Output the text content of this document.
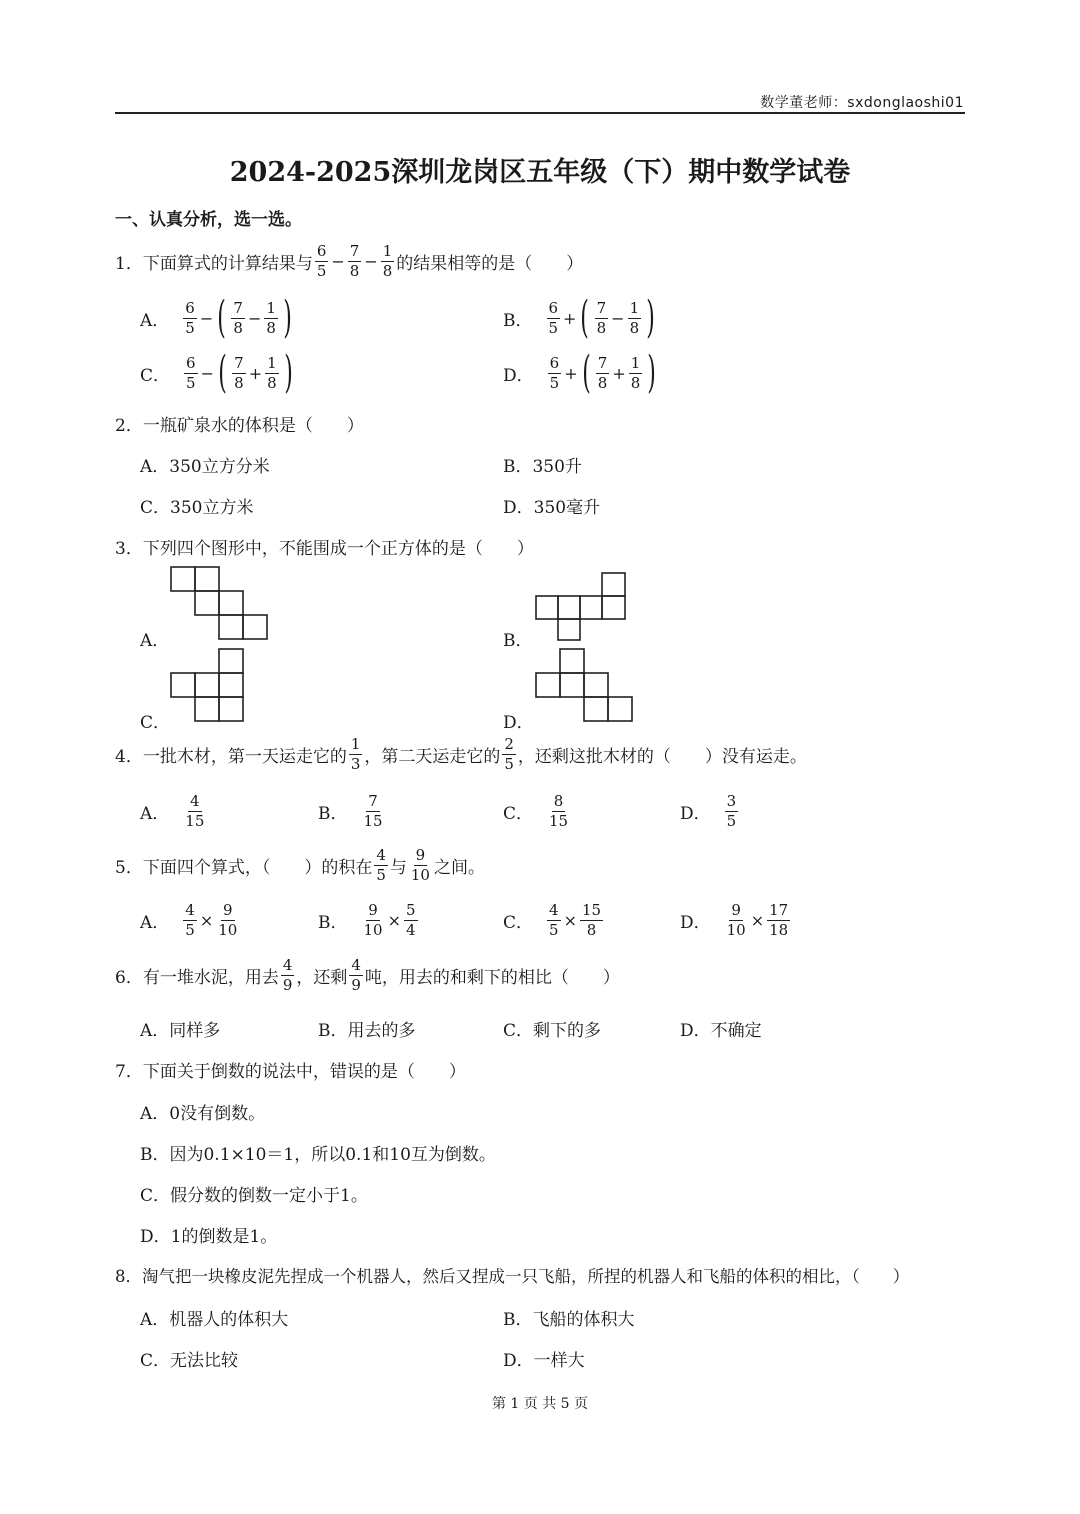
数学董老师：sxdonglaoshi01
2024-2025深圳龙岗区五年级（下）期中数学试卷
一、认真分析，选一选。
1．下面算式的计算结果与 $\frac{6}{5} - \frac{7}{8} - \frac{1}{8}$ 的结果相等的是（　　）
A． $\frac{6}{5}$ − ( $\frac{7}{8} - \frac{1}{8}$ )	B． $\frac{6}{5}$ + ( $\frac{7}{8} - \frac{1}{8}$ )
C． $\frac{6}{5}$ − ( $\frac{7}{8} + \frac{1}{8}$ )	D． $\frac{6}{5}$ + ( $\frac{7}{8} + \frac{1}{8}$ )
2．一瓶矿泉水的体积是（　　）
A．350立方分米	B．350升
C．350立方米	D．350毫升
3．下列四个图形中，不能围成一个正方体的是（　　）
A．	B．
C．	D．
4．一批木材，第一天运走它的 $\frac{1}{3}$ ，第二天运走它的 $\frac{2}{5}$ ，还剩这批木材的（　　）没有运走。
A． $\frac{4}{15}$	B． $\frac{7}{15}$	C． $\frac{8}{15}$	D． $\frac{3}{5}$
5．下面四个算式，（　　）的积在 $\frac{4}{5}$ 与 $\frac{9}{10}$ 之间。
A． $\frac{4}{5} \times \frac{9}{10}$	B． $\frac{9}{10} \times \frac{5}{4}$	C． $\frac{4}{5} \times \frac{15}{8}$	D． $\frac{9}{10} \times \frac{17}{18}$
6．有一堆水泥，用去 $\frac{4}{9}$ ，还剩 $\frac{4}{9}$ 吨，用去的和剩下的相比（　　）
A．同样多	B．用去的多	C．剩下的多	D．不确定
7．下面关于倒数的说法中，错误的是（　　）
A．0没有倒数。
B．因为0.1×10＝1，所以0.1和10互为倒数。
C．假分数的倒数一定小于1。
D．1的倒数是1。
8．淘气把一块橡皮泥先捏成一个机器人，然后又捏成一只飞船，所捏的机器人和飞船的体积的相比，（　　）
A．机器人的体积大	B．飞船的体积大
C．无法比较	D．一样大
第 1 页 共 5 页
